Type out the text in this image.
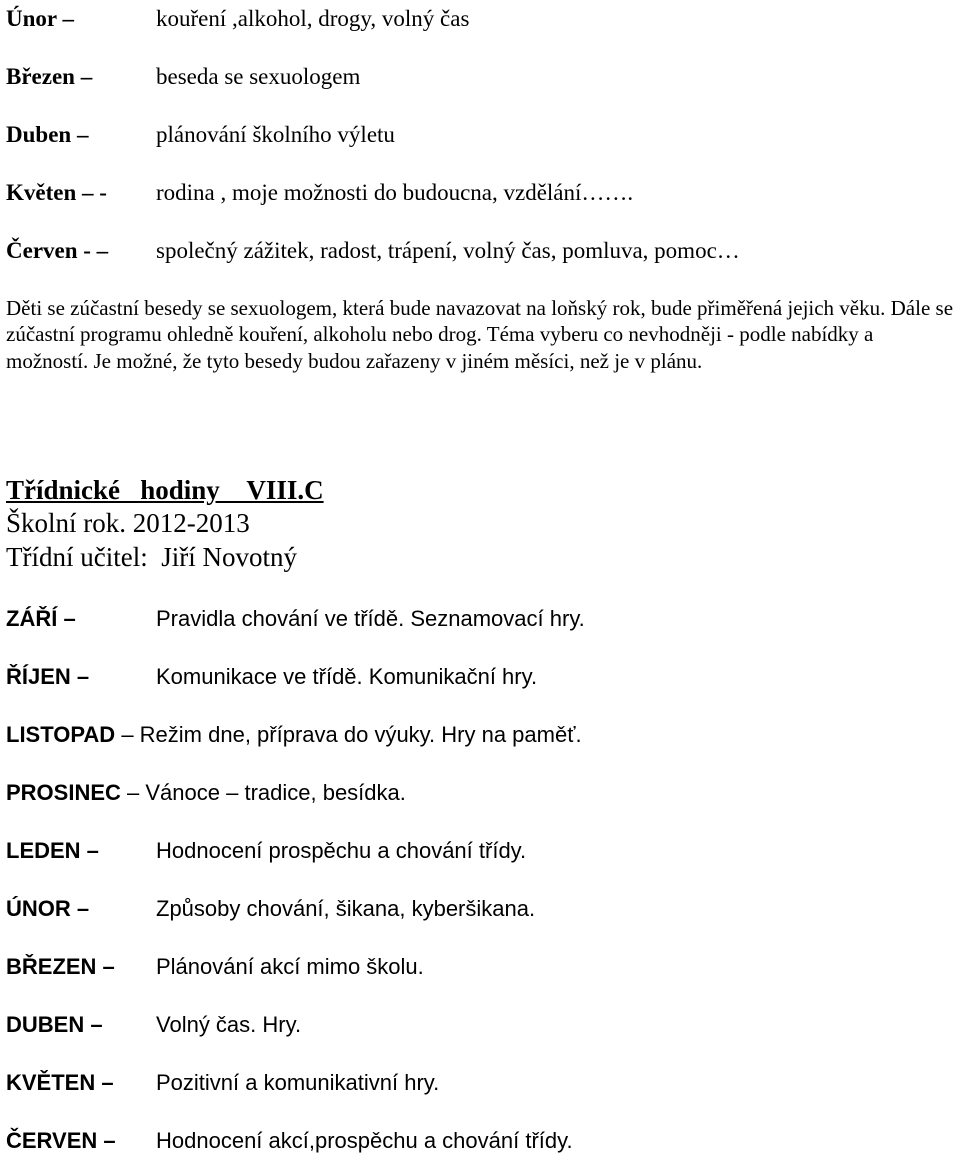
Únor –	kouření ,alkohol, drogy, volný čas
Březen –	beseda se sexuologem
Duben –	plánování školního výletu
Květen – - rodina , moje možnosti do budoucna, vzdělání…….
Červen - – společný zážitek, radost, trápení, volný čas, pomluva, pomoc…

Děti se zúčastní besedy se sexuologem, která bude navazovat na loňský rok, bude přiměřená jejich věku. Dále se zúčastní programu ohledně kouření, alkoholu nebo drog. Téma vyberu co nevhodněji - podle nabídky a možností. Je možné, že tyto besedy budou zařazeny v jiném měsíci, než je v plánu.

Třídnické   hodiny    VIII.C

Školní rok. 2012-2013

Třídní učitel:  Jiří Novotný

ZÁŘÍ –	Pravidla chování ve třídě. Seznamovací hry.
ŘÍJEN –	Komunikace ve třídě. Komunikační hry.
LISTOPAD – Režim dne, příprava do výuky. Hry na paměť.
PROSINEC – Vánoce – tradice, besídka.
LEDEN –	Hodnocení prospěchu a chování třídy.
ÚNOR –	Způsoby chování, šikana, kyberšikana.
BŘEZEN – Plánování akcí mimo školu.
DUBEN – Volný čas. Hry.
KVĚTEN – Pozitivní a komunikativní hry.
ČERVEN – Hodnocení akcí,prospěchu a chování třídy.
